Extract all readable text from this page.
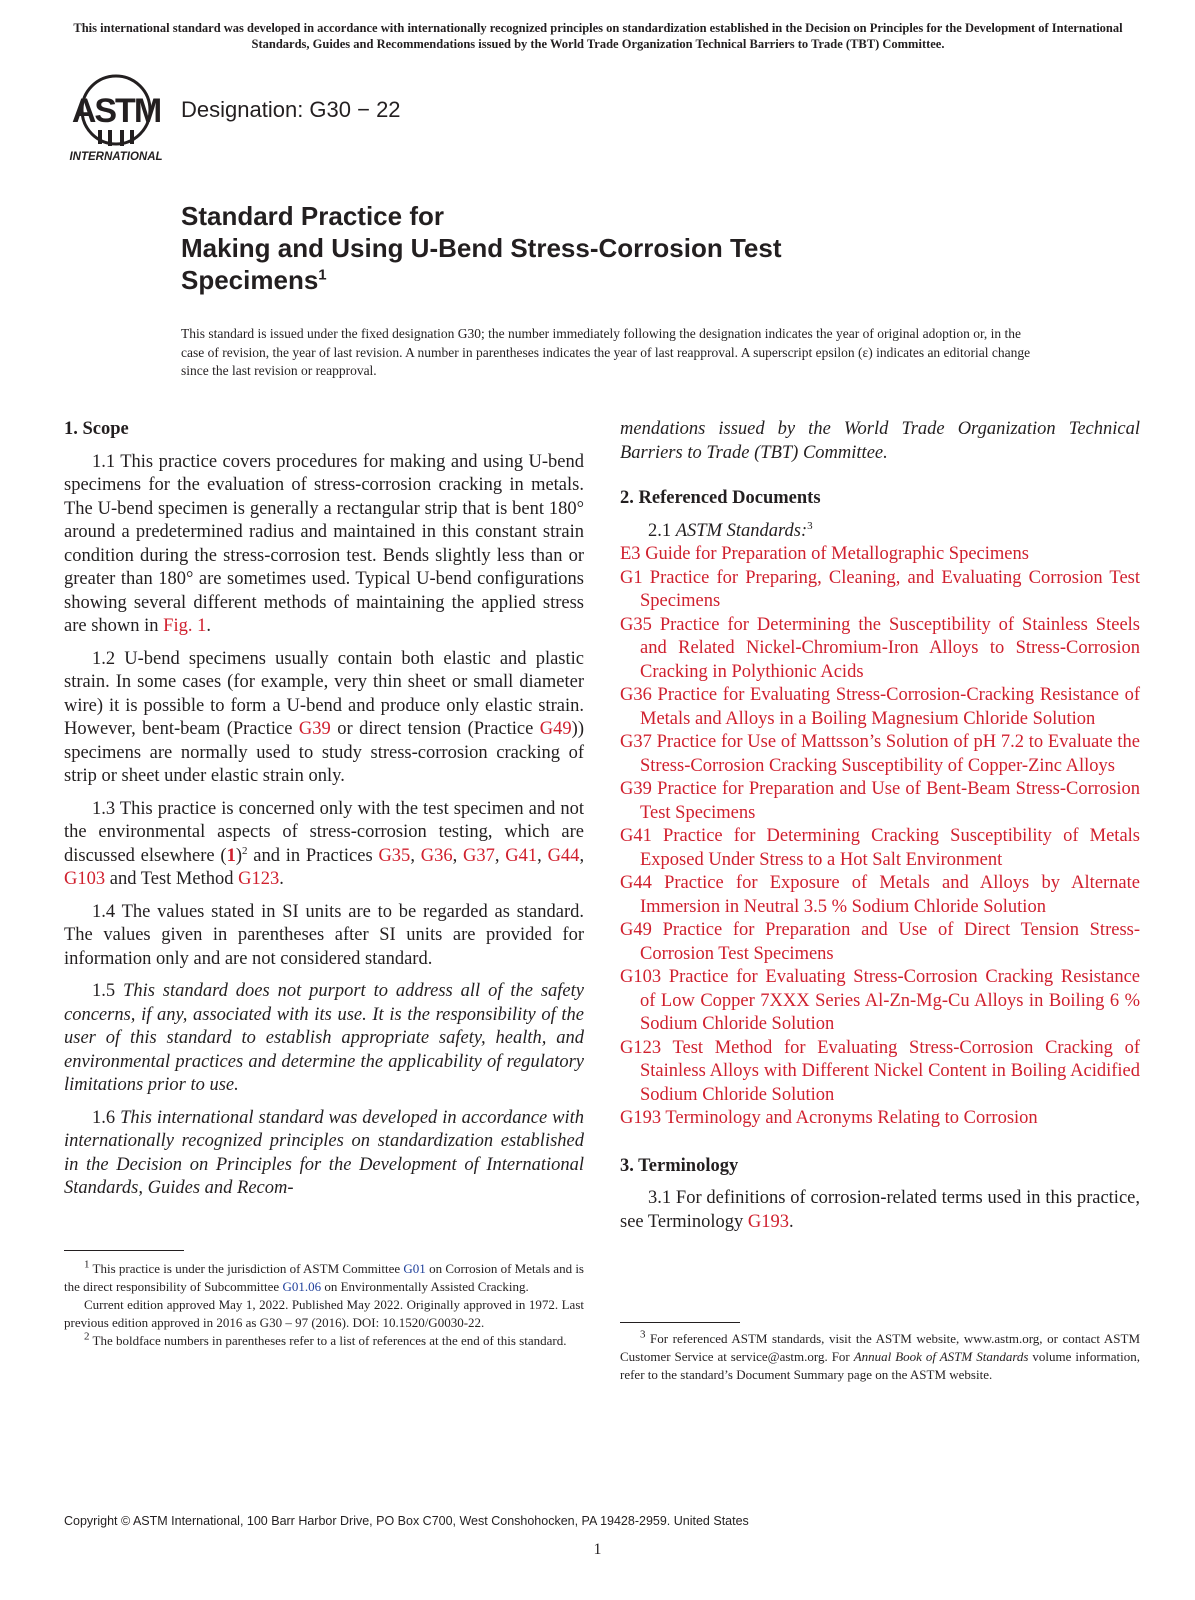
This international standard was developed in accordance with internationally recognized principles on standardization established in the Decision on Principles for the Development of International Standards, Guides and Recommendations issued by the World Trade Organization Technical Barriers to Trade (TBT) Committee.
ASTM
INTERNATIONAL
Designation: G30 − 22
Standard Practice for
Making and Using U-Bend Stress-Corrosion Test
Specimens$^1$
This standard is issued under the fixed designation G30; the number immediately following the designation indicates the year of original adoption or, in the case of revision, the year of last revision. A number in parentheses indicates the year of last reapproval. A superscript epsilon (ε) indicates an editorial change since the last revision or reapproval.
1. Scope

1.1 This practice covers procedures for making and using U-bend specimens for the evaluation of stress-corrosion cracking in metals. The U-bend specimen is generally a rectangular strip that is bent 180° around a predetermined radius and maintained in this constant strain condition during the stress-corrosion test. Bends slightly less than or greater than 180° are sometimes used. Typical U-bend configurations showing several different methods of maintaining the applied stress are shown in Fig. 1.

1.2 U-bend specimens usually contain both elastic and plastic strain. In some cases (for example, very thin sheet or small diameter wire) it is possible to form a U-bend and produce only elastic strain. However, bent-beam (Practice G39 or direct tension (Practice G49)) specimens are normally used to study stress-corrosion cracking of strip or sheet under elastic strain only.

1.3 This practice is concerned only with the test specimen and not the environmental aspects of stress-corrosion testing, which are discussed elsewhere $(1)^2$ and in Practices G35, G36, G37, G41, G44, G103 and Test Method G123.

1.4 The values stated in SI units are to be regarded as standard. The values given in parentheses after SI units are provided for information only and are not considered standard.

1.5 This standard does not purport to address all of the safety concerns, if any, associated with its use. It is the responsibility of the user of this standard to establish appropriate safety, health, and environmental practices and determine the applicability of regulatory limitations prior to use.

1.6 This international standard was developed in accordance with internationally recognized principles on standardization established in the Decision on Principles for the Development of International Standards, Guides and Recom-

mendations issued by the World Trade Organization Technical Barriers to Trade (TBT) Committee.

2. Referenced Documents

2.1 ASTM Standards:$^3$

E3 Guide for Preparation of Metallographic Specimens

G1 Practice for Preparing, Cleaning, and Evaluating Corrosion Test Specimens

G35 Practice for Determining the Susceptibility of Stainless Steels and Related Nickel-Chromium-Iron Alloys to Stress-Corrosion Cracking in Polythionic Acids

G36 Practice for Evaluating Stress-Corrosion-Cracking Resistance of Metals and Alloys in a Boiling Magnesium Chloride Solution

G37 Practice for Use of Mattsson’s Solution of pH 7.2 to Evaluate the Stress-Corrosion Cracking Susceptibility of Copper-Zinc Alloys

G39 Practice for Preparation and Use of Bent-Beam Stress-Corrosion Test Specimens

G41 Practice for Determining Cracking Susceptibility of Metals Exposed Under Stress to a Hot Salt Environment

G44 Practice for Exposure of Metals and Alloys by Alternate Immersion in Neutral 3.5 % Sodium Chloride Solution

G49 Practice for Preparation and Use of Direct Tension Stress-Corrosion Test Specimens

G103 Practice for Evaluating Stress-Corrosion Cracking Resistance of Low Copper 7XXX Series Al-Zn-Mg-Cu Alloys in Boiling 6 % Sodium Chloride Solution

G123 Test Method for Evaluating Stress-Corrosion Cracking of Stainless Alloys with Different Nickel Content in Boiling Acidified Sodium Chloride Solution

G193 Terminology and Acronyms Relating to Corrosion

3. Terminology

3.1 For definitions of corrosion-related terms used in this practice, see Terminology G193.

$^1$ This practice is under the jurisdiction of ASTM Committee G01 on Corrosion of Metals and is the direct responsibility of Subcommittee G01.06 on Environmentally Assisted Cracking.

Current edition approved May 1, 2022. Published May 2022. Originally approved in 1972. Last previous edition approved in 2016 as G30 – 97 (2016). DOI: 10.1520/G0030-22.

$^2$ The boldface numbers in parentheses refer to a list of references at the end of this standard.	$^3$ For referenced ASTM standards, visit the ASTM website, www.astm.org, or contact ASTM Customer Service at service@astm.org. For Annual Book of ASTM Standards volume information, refer to the standard’s Document Summary page on the ASTM website.

Copyright © ASTM International, 100 Barr Harbor Drive, PO Box C700, West Conshohocken, PA 19428-2959. United States
1
